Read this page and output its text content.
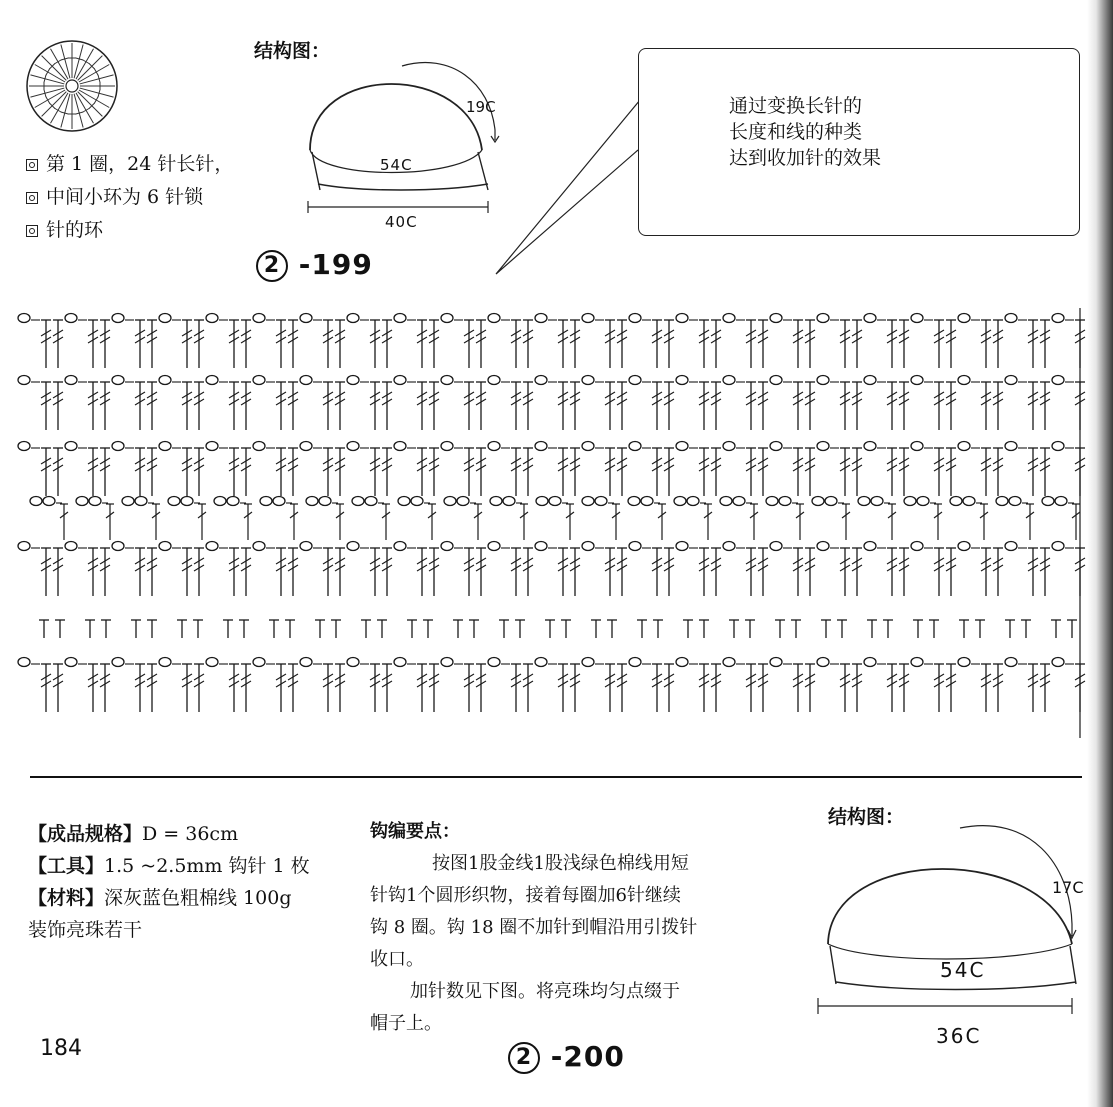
第 1 圈，24 针长针，
中间小环为 6 针锁
针的环
结构图：
19C
54C
40C
2 -199
通过变换长针的
长度和线的种类
达到收加针的效果
【成品规格】D = 36cm
【工具】1.5 ~2.5mm 钩针 1 枚
【材料】深灰蓝色粗棉线 100g
装饰亮珠若干
钩编要点：
按图1股金线1股浅绿色棉线用短
针钩1个圆形织物，接着每圈加6针继续
钩 8 圈。钩 18 圈不加针到帽沿用引拨针
收口。
加针数见下图。将亮珠均匀点缀于
帽子上。
结构图：
17C
54C
36C
184	2 -200
